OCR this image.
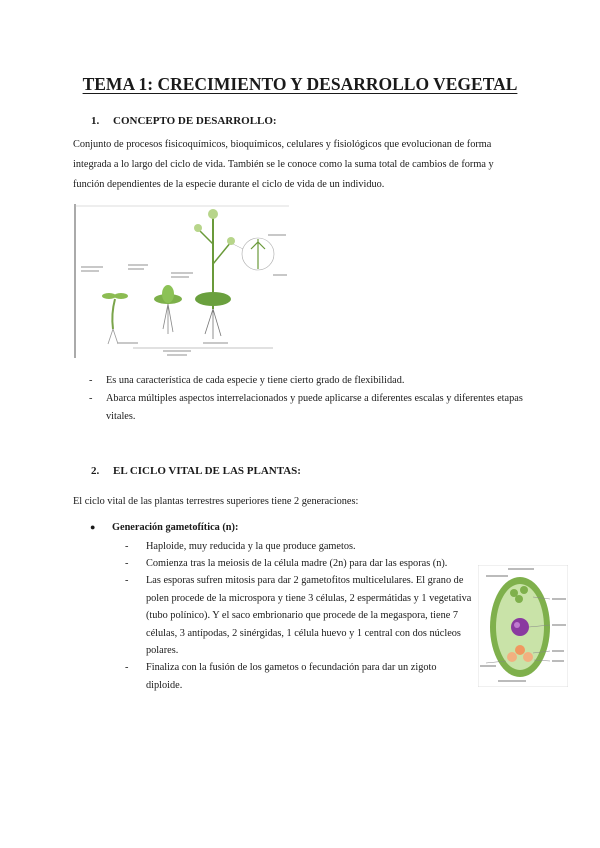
TEMA 1: CRECIMIENTO Y DESARROLLO VEGETAL
1. CONCEPTO DE DESARROLLO:
Conjunto de procesos fisicoquímicos, bioquímicos, celulares y fisiológicos que evolucionan de forma
integrada a lo largo del ciclo de vida. También se le conoce como la suma total de cambios de forma y
función dependientes de la especie durante el ciclo de vida de un individuo.
- Es una característica de cada especie y tiene cierto grado de flexibilidad.
- Abarca múltiples aspectos interrelacionados y puede aplicarse a diferentes escalas y diferentes etapas
vitales.
2. EL CICLO VITAL DE LAS PLANTAS:
El ciclo vital de las plantas terrestres superiores tiene 2 generaciones:
● Generación gametofítica (n):
- Haploide, muy reducida y la que produce gametos.
- Comienza tras la meiosis de la célula madre (2n) para dar las esporas (n).
- Las esporas sufren mitosis para dar 2 gametofitos multicelulares. El grano de
polen procede de la microspora y tiene 3 células, 2 espermátidas y 1 vegetativa
(tubo polínico). Y el saco embrionario que procede de la megaspora, tiene 7
células, 3 antípodas, 2 sinérgidas, 1 célula huevo y 1 central con dos núcleos
polares.
- Finaliza con la fusión de los gametos o fecundación para dar un zigoto
diploide.
